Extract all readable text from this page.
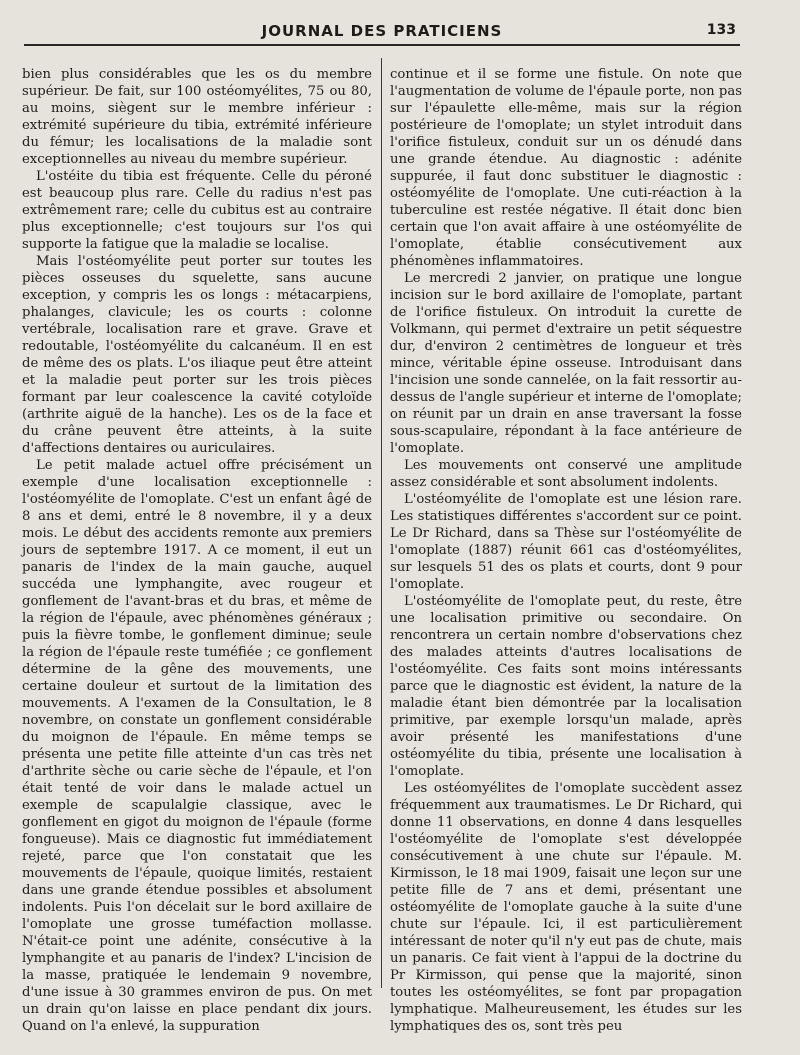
JOURNAL DES PRATICIENS	133

bien plus considérables que les os du membre supérieur. De fait, sur 100 ostéomyélites, 75 ou 80, au moins, siègent sur le membre inférieur : extrémité supérieure du tibia, extrémité inférieure du fémur; les localisations de la maladie sont exceptionnelles au niveau du membre supérieur.

L'ostéite du tibia est fréquente. Celle du péroné est beaucoup plus rare. Celle du radius n'est pas extrêmement rare; celle du cubitus est au contraire plus exceptionnelle; c'est toujours sur l'os qui supporte la fatigue que la maladie se localise.

Mais l'ostéomyélite peut porter sur toutes les pièces osseuses du squelette, sans aucune exception, y compris les os longs : métacarpiens, phalanges, clavicule; les os courts : colonne vertébrale, localisation rare et grave. Grave et redoutable, l'ostéomyélite du calcanéum. Il en est de même des os plats. L'os iliaque peut être atteint et la maladie peut porter sur les trois pièces formant par leur coalescence la cavité cotyloïde (arthrite aiguë de la hanche). Les os de la face et du crâne peuvent être atteints, à la suite d'affections dentaires ou auriculaires.

Le petit malade actuel offre précisément un exemple d'une localisation exceptionnelle : l'ostéomyélite de l'omoplate. C'est un enfant âgé de 8 ans et demi, entré le 8 novembre, il y a deux mois. Le début des accidents remonte aux premiers jours de septembre 1917. A ce moment, il eut un panaris de l'index de la main gauche, auquel succéda une lymphangite, avec rougeur et gonflement de l'avant-bras et du bras, et même de la région de l'épaule, avec phénomènes généraux ; puis la fièvre tombe, le gonflement diminue; seule la région de l'épaule reste tuméfiée ; ce gonflement détermine de la gêne des mouvements, une certaine douleur et surtout de la limitation des mouvements. A l'examen de la Consultation, le 8 novembre, on constate un gonflement considérable du moignon de l'épaule. En même temps se présenta une petite fille atteinte d'un cas très net d'arthrite sèche ou carie sèche de l'épaule, et l'on était tenté de voir dans le malade actuel un exemple de scapulalgie classique, avec le gonflement en gigot du moignon de l'épaule (forme fongueuse). Mais ce diagnostic fut immédiatement rejeté, parce que l'on constatait que les mouvements de l'épaule, quoique limités, restaient dans une grande étendue possibles et absolument indolents. Puis l'on décelait sur le bord axillaire de l'omoplate une grosse tuméfaction mollasse. N'était-ce point une adénite, consécutive à la lymphangite et au panaris de l'index? L'incision de la masse, pratiquée le lendemain 9 novembre, d'une issue à 30 grammes environ de pus. On met un drain qu'on laisse en place pendant dix jours. Quand on l'a enlevé, la suppuration

continue et il se forme une fistule. On note que l'augmentation de volume de l'épaule porte, non pas sur l'épaulette elle-même, mais sur la région postérieure de l'omoplate; un stylet introduit dans l'orifice fistuleux, conduit sur un os dénudé dans une grande étendue. Au diagnostic : adénite suppurée, il faut donc substituer le diagnostic : ostéomyélite de l'omoplate. Une cuti-réaction à la tuberculine est restée négative. Il était donc bien certain que l'on avait affaire à une ostéomyélite de l'omoplate, établie consécutivement aux phénomènes inflammatoires.

Le mercredi 2 janvier, on pratique une longue incision sur le bord axillaire de l'omoplate, partant de l'orifice fistuleux. On introduit la curette de Volkmann, qui permet d'extraire un petit séquestre dur, d'environ 2 centimètres de longueur et très mince, véritable épine osseuse. Introduisant dans l'incision une sonde cannelée, on la fait ressortir au-dessus de l'angle supérieur et interne de l'omoplate; on réunit par un drain en anse traversant la fosse sous-scapulaire, répondant à la face antérieure de l'omoplate.

Les mouvements ont conservé une amplitude assez considérable et sont absolument indolents.

L'ostéomyélite de l'omoplate est une lésion rare. Les statistiques différentes s'accordent sur ce point. Le Dr Richard, dans sa Thèse sur l'ostéomyélite de l'omoplate (1887) réunit 661 cas d'ostéomyélites, sur lesquels 51 des os plats et courts, dont 9 pour l'omoplate.

L'ostéomyélite de l'omoplate peut, du reste, être une localisation primitive ou secondaire. On rencontrera un certain nombre d'observations chez des malades atteints d'autres localisations de l'ostéomyélite. Ces faits sont moins intéressants parce que le diagnostic est évident, la nature de la maladie étant bien démontrée par la localisation primitive, par exemple lorsqu'un malade, après avoir présenté les manifestations d'une ostéomyélite du tibia, présente une localisation à l'omoplate.

Les ostéomyélites de l'omoplate succèdent assez fréquemment aux traumatismes. Le Dr Richard, qui donne 11 observations, en donne 4 dans lesquelles l'ostéomyélite de l'omoplate s'est développée consécutivement à une chute sur l'épaule. M. Kirmisson, le 18 mai 1909, faisait une leçon sur une petite fille de 7 ans et demi, présentant une ostéomyélite de l'omoplate gauche à la suite d'une chute sur l'épaule. Ici, il est particulièrement intéressant de noter qu'il n'y eut pas de chute, mais un panaris. Ce fait vient à l'appui de la doctrine du Pr Kirmisson, qui pense que la majorité, sinon toutes les ostéomyélites, se font par propagation lymphatique. Malheureusement, les études sur les lymphatiques des os, sont très peu
